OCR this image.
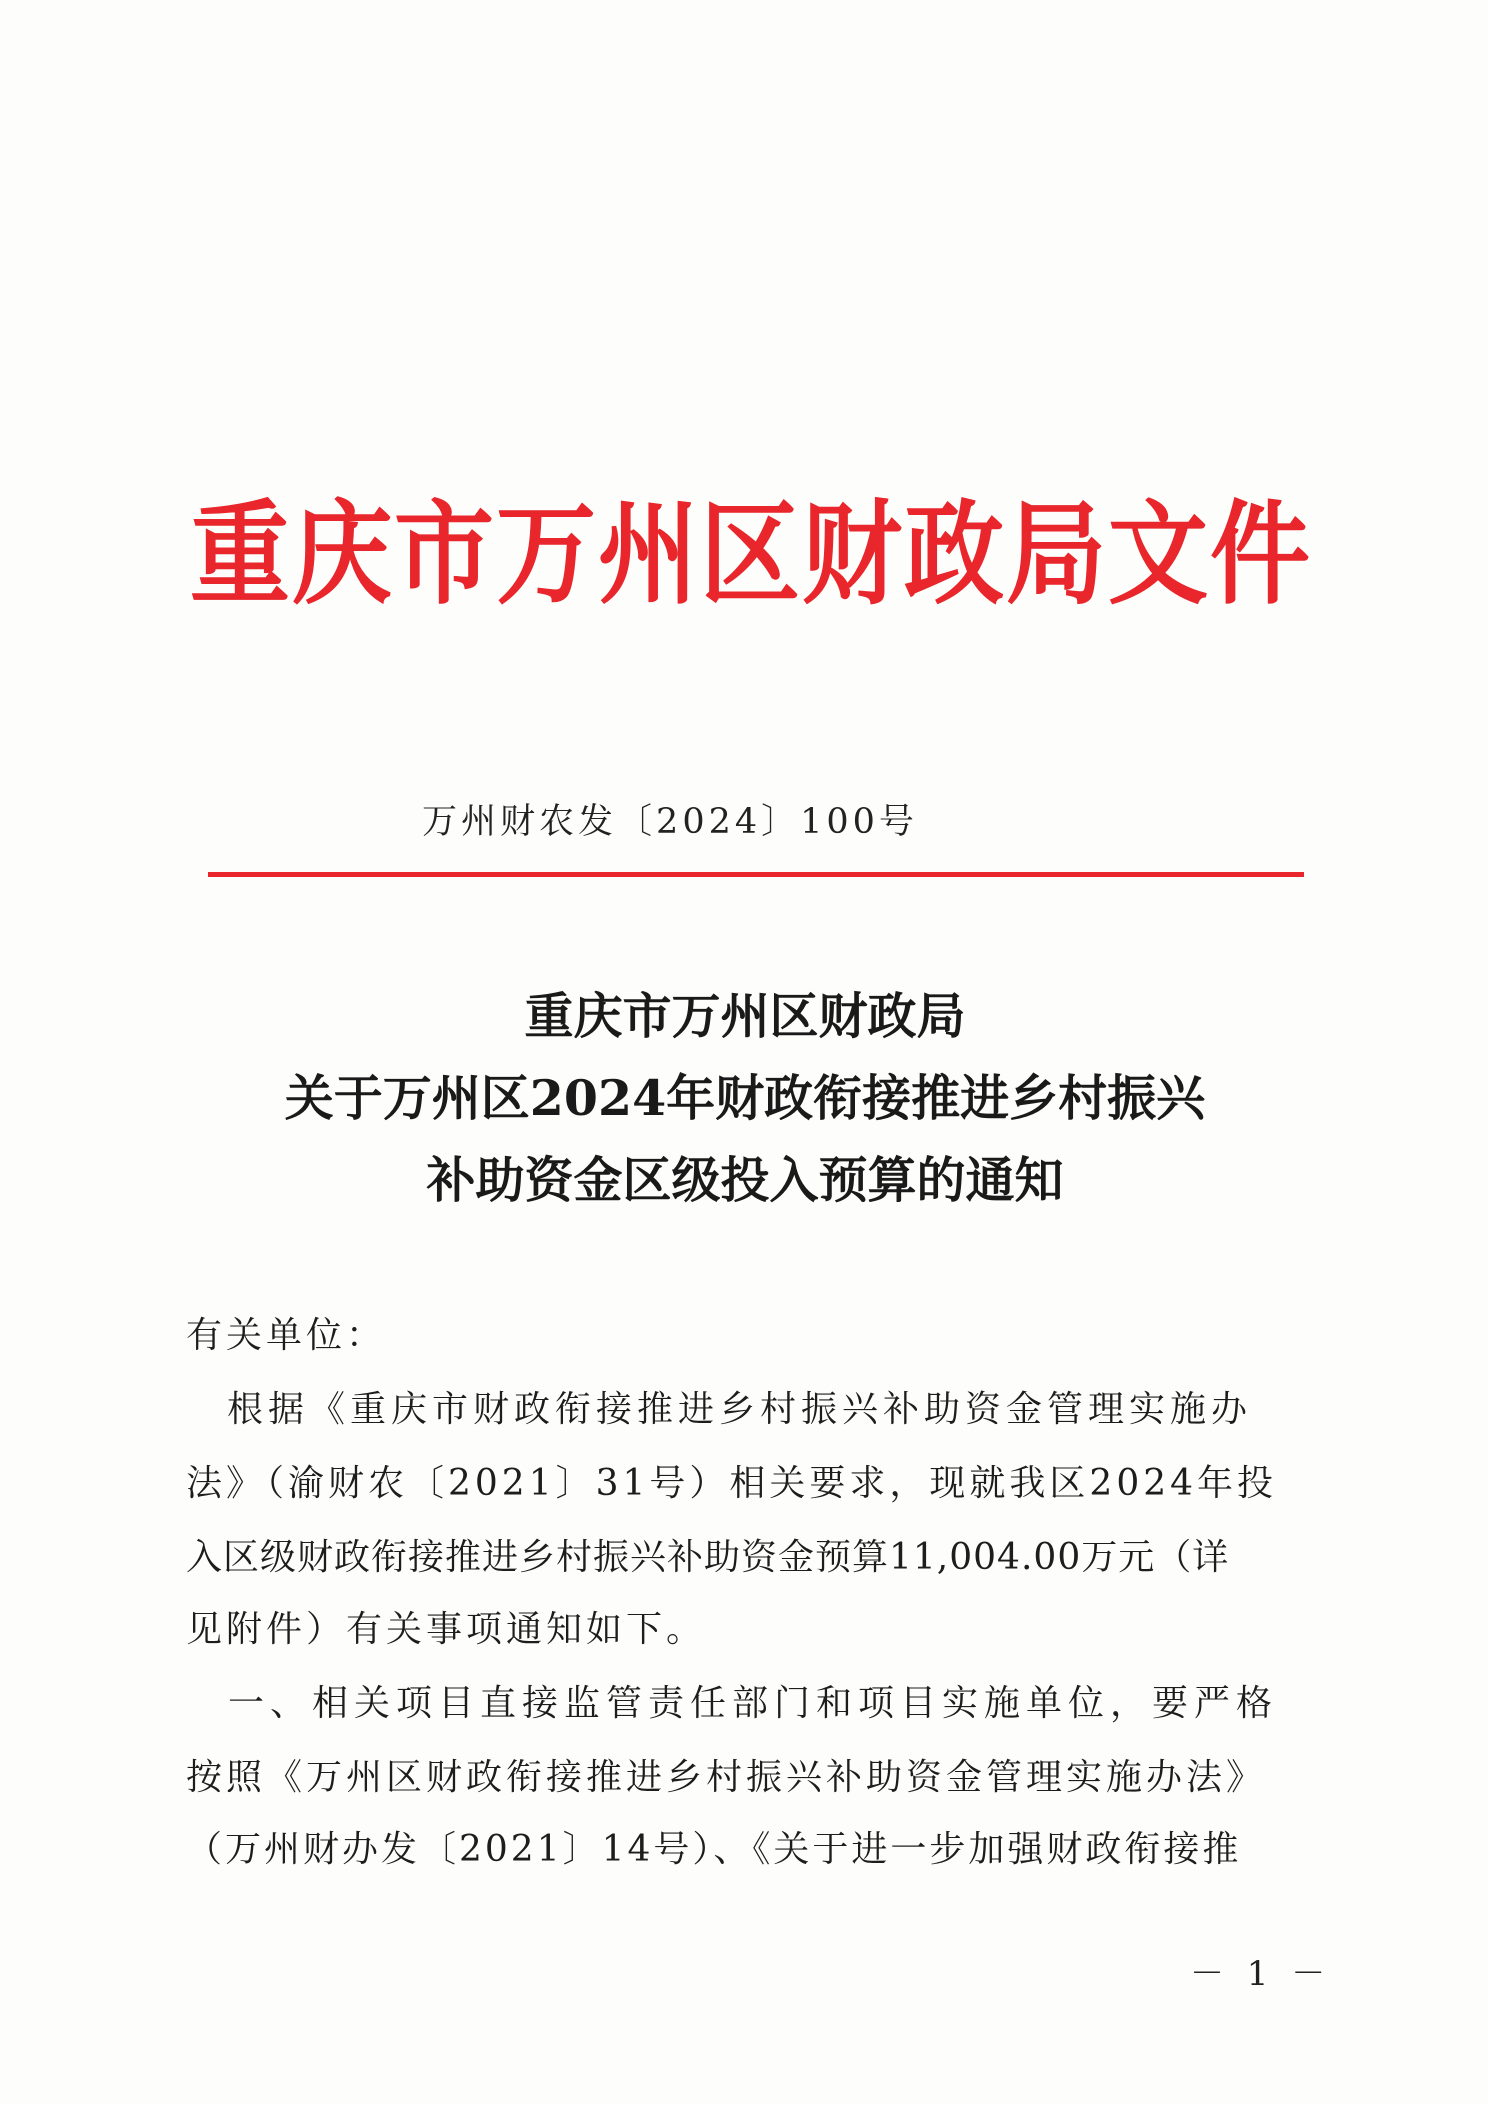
重庆市万州区财政局文件
万州财农发〔2024〕100号
重庆市万州区财政局
关于万州区2024年财政衔接推进乡村振兴
补助资金区级投入预算的通知
有关单位：
　根据《重庆市财政衔接推进乡村振兴补助资金管理实施办
法》（渝财农〔2021〕31号）相关要求，现就我区2024年投
入区级财政衔接推进乡村振兴补助资金预算11,004.00万元（详
见附件）有关事项通知如下。
　一、相关项目直接监管责任部门和项目实施单位，要严格
按照《万州区财政衔接推进乡村振兴补助资金管理实施办法》
（万州财办发〔2021〕14号）、《关于进一步加强财政衔接推
－ 1 －
